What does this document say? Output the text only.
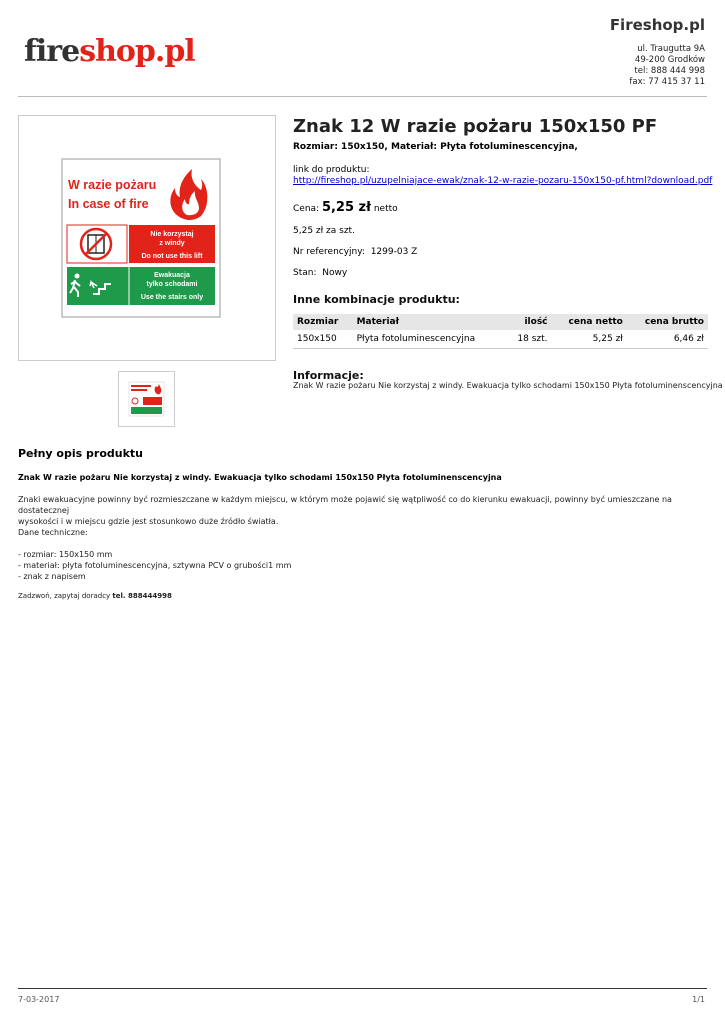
fireshop.pl
Fireshop.pl
ul. Traugutta 9A
49-200 Grodków
tel: 888 444 998
fax: 77 415 37 11
W razie pożaru
In case of fire
Nie korzystaj
z windy
Do not use this lift
Ewakuacja
tylko schodami
Use the stairs only
Znak 12 W razie pożaru 150x150 PF
Rozmiar: 150x150, Materiał: Płyta fotoluminescencyjna,
link do produktu:
http://fireshop.pl/uzupelniajace-ewak/znak-12-w-razie-pozaru-150x150-pf.html?download.pdf
Cena: 5,25 zł netto
5,25 zł za szt.
Nr referencyjny: 1299-03 Z
Stan: Nowy
Inne kombinacje produktu:
Rozmiar	Materiał	ilość	cena netto	cena brutto
150x150	Płyta fotoluminescencyjna	18 szt.	5,25 zł	6,46 zł
Informacje:
Znak W razie pożaru Nie korzystaj z windy. Ewakuacja tylko schodami 150x150 Płyta fotoluminenscencyjna
Pełny opis produktu
Znak W razie pożaru Nie korzystaj z windy. Ewakuacja tylko schodami 150x150 Płyta fotoluminenscencyjna
Znaki ewakuacyjne powinny być rozmieszczane w każdym miejscu, w którym może pojawić się wątpliwość co do kierunku ewakuacji, powinny być umieszczane na dostatecznej
wysokości i w miejscu gdzie jest stosunkowo duże źródło światła.
Dane techniczne:
- rozmiar: 150x150 mm
- materiał: płyta fotoluminescencyjna, sztywna PCV o grubości1 mm
- znak z napisem

Zadzwoń, zapytaj doradcy tel. 888444998

7-03-2017	1/1
